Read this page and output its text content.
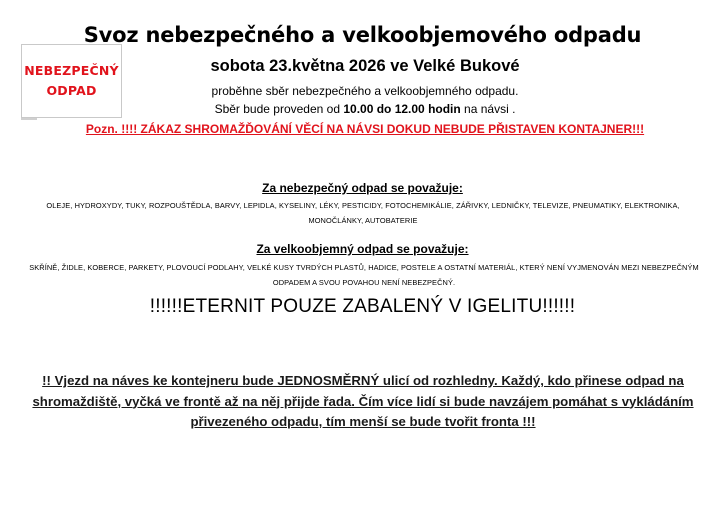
NEBEZPEČNÝ
ODPAD
Svoz nebezpečného a velkoobjemového odpadu
sobota 23.května 2026 ve Velké Bukové
proběhne sběr nebezpečného a velkoobjemného odpadu.
Sběr bude proveden od 10.00 do 12.00 hodin na návsi .
Pozn. !!!! ZÁKAZ SHROMAŽĎOVÁNÍ VĚCÍ NA NÁVSI DOKUD NEBUDE PŘISTAVEN KONTAJNER!!!
Za nebezpečný odpad se považuje:
OLEJE, HYDROXYDY, TUKY, ROZPOUŠTĚDLA, BARVY, LEPIDLA, KYSELINY, LÉKY, PESTICIDY, FOTOCHEMIKÁLIE, ZÁŘIVKY, LEDNIČKY, TELEVIZE, PNEUMATIKY, ELEKTRONIKA, MONOČLÁNKY, AUTOBATERIE
Za velkoobjemný odpad se považuje:
SKŘÍNĚ, ŽIDLE, KOBERCE, PARKETY, PLOVOUCÍ PODLAHY, VELKÉ KUSY TVRDÝCH PLASTŮ, HADICE, POSTELE A OSTATNÍ MATERIÁL, KTERÝ NENÍ VYJMENOVÁN MEZI NEBEZPEČNÝM ODPADEM A SVOU POVAHOU NENÍ NEBEZPEČNÝ.
!!!!!!ETERNIT POUZE ZABALENÝ V IGELITU!!!!!!
!! Vjezd na náves ke kontejneru bude JEDNOSMĚRNÝ ulicí od rozhledny. Každý, kdo přinese odpad na shromaždiště, vyčká ve frontě až na něj přijde řada. Čím více lidí si bude navzájem pomáhat s vykládáním přivezeného odpadu, tím menší se bude tvořit fronta !!!
